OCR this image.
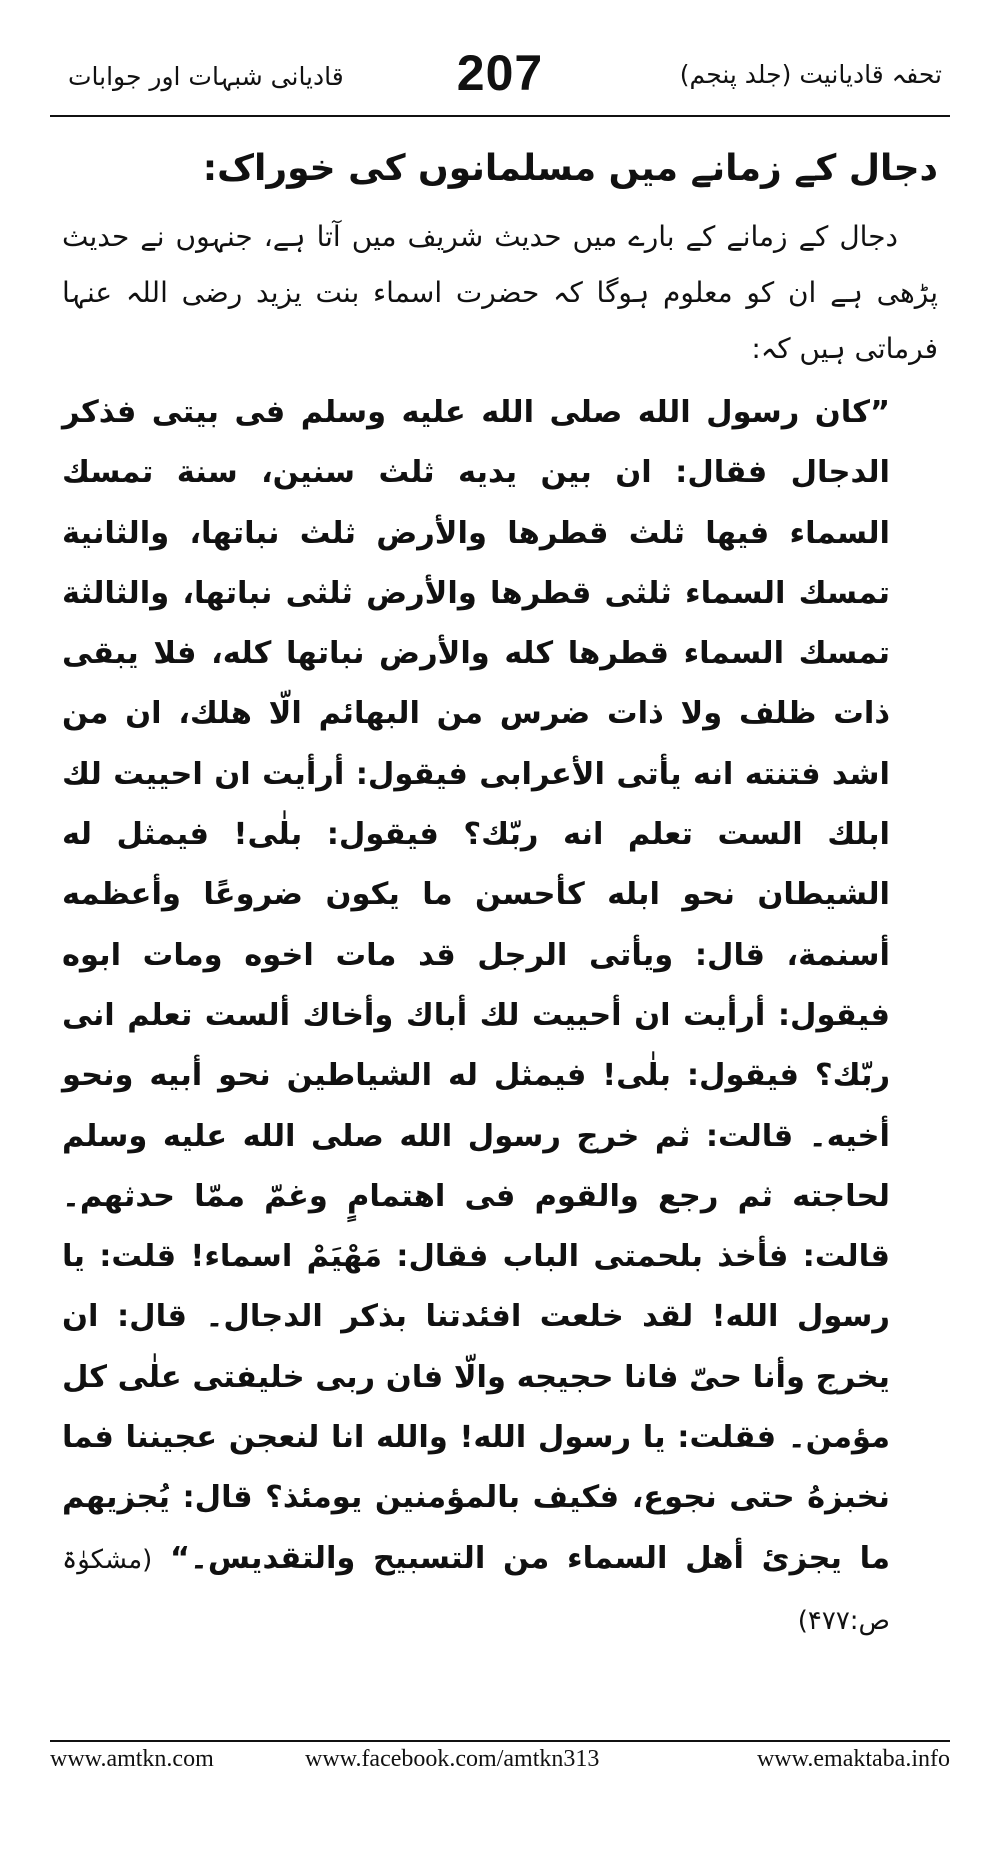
تحفہ قادیانیت (جلد پنجم)
207
قادیانی شبہات اور جوابات
دجال کے زمانے میں مسلمانوں کی خوراک:

دجال کے زمانے کے بارے میں حدیث شریف میں آتا ہے، جنہوں نے حدیث پڑھی ہے ان کو معلوم ہوگا کہ حضرت اسماء بنت یزید رضی اللہ عنہا فرماتی ہیں کہ:

”كان رسول الله صلى الله عليه وسلم فى بيتى فذكر الدجال فقال: ان بين يديه ثلث سنين، سنة تمسك السماء فيها ثلث قطرها والأرض ثلث نباتها، والثانية تمسك السماء ثلثى قطرها والأرض ثلثى نباتها، والثالثة تمسك السماء قطرها كله والأرض نباتها كله، فلا يبقى ذات ظلف ولا ذات ضرس من البهائم الّا هلك، ان من اشد فتنته انه يأتى الأعرابى فيقول: أرأيت ان احييت لك ابلك الست تعلم انه ربّك؟ فيقول: بلٰى! فيمثل له الشيطان نحو ابله كأحسن ما يكون ضروعًا وأعظمه أسنمة، قال: ويأتى الرجل قد مات اخوه ومات ابوه فيقول: أرأيت ان أحييت لك أباك وأخاك ألست تعلم انى ربّك؟ فيقول: بلٰى! فيمثل له الشياطين نحو أبيه ونحو أخيه۔ قالت: ثم خرج رسول الله صلى الله عليه وسلم لحاجته ثم رجع والقوم فى اهتمامٍ وغمّ ممّا حدثهم۔ قالت: فأخذ بلحمتى الباب فقال: مَهْيَمْ اسماء! قلت: يا رسول الله! لقد خلعت افئدتنا بذكر الدجال۔ قال: ان يخرج وأنا حىّ فانا حجيجه والّا فان ربى خليفتى علٰى كل مؤمن۔ فقلت: يا رسول الله! والله انا لنعجن عجيننا فما نخبزهُ حتى نجوع، فكيف بالمؤمنين يومئذ؟ قال: يُجزيهم ما يجزئ أهل السماء من التسبيح والتقديس۔“ (مشکوٰۃ ص:۴۷۷)
www.amtkn.com	www.facebook.com/amtkn313	www.emaktaba.info
